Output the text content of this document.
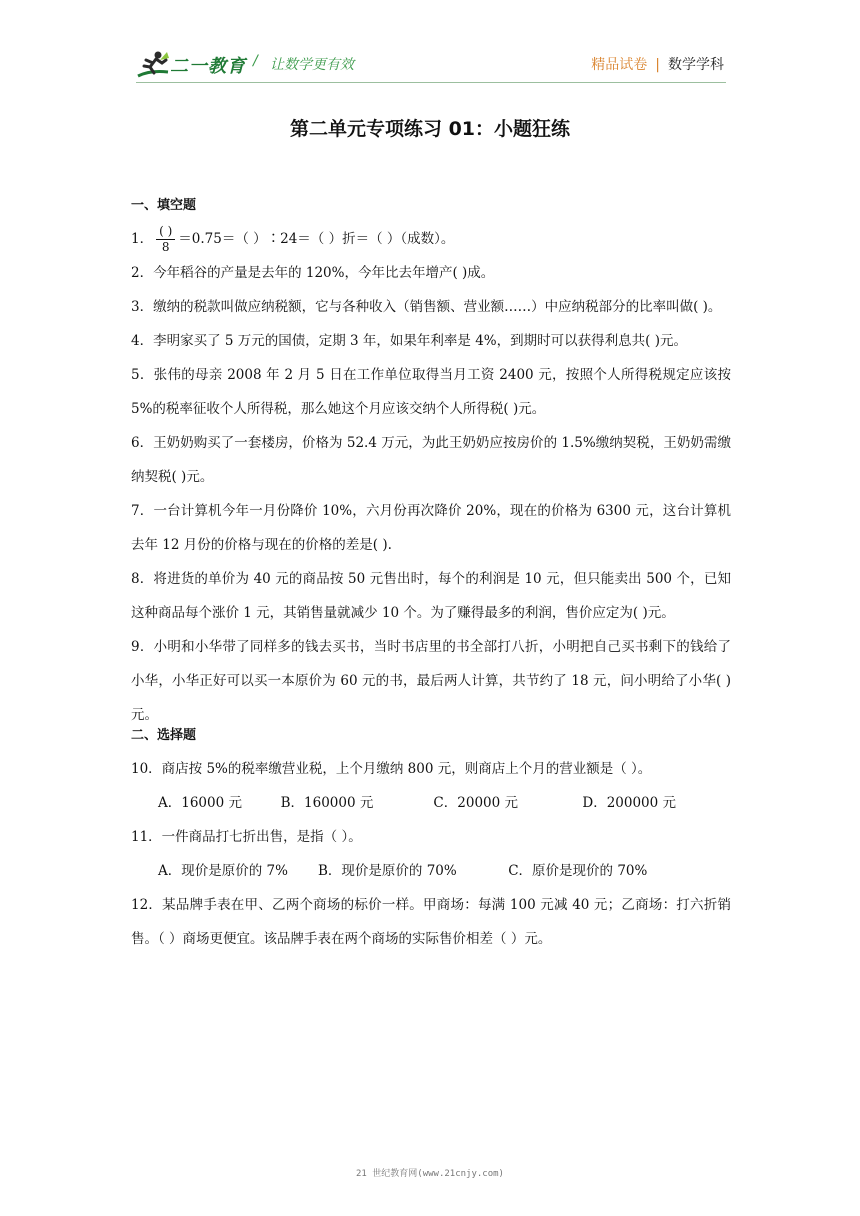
二一教育 / 让数学更有效	精品试卷 | 数学学科
第二单元专项练习 01：小题狂练
一、填空题
1． $\frac{( )}{8} =0.75=$（ ）∶24＝（ ）折＝（ ）（成数）。
2．今年稻谷的产量是去年的 120%，今年比去年增产( )成。
3．缴纳的税款叫做应纳税额，它与各种收入（销售额、营业额……）中应纳税部分的比率叫做( )。
4．李明家买了 5 万元的国债，定期 3 年，如果年利率是 4%，到期时可以获得利息共( )元。
5．张伟的母亲 2008 年 2 月 5 日在工作单位取得当月工资 2400 元，按照个人所得税规定应该按 5%的税率征收个人所得税，那么她这个月应该交纳个人所得税( )元。
6．王奶奶购买了一套楼房，价格为 52.4 万元，为此王奶奶应按房价的 1.5%缴纳契税，王奶奶需缴纳契税( )元。
7．一台计算机今年一月份降价 10%，六月份再次降价 20%，现在的价格为 6300 元，这台计算机去年 12 月份的价格与现在的价格的差是( ).
8．将进货的单价为 40 元的商品按 50 元售出时，每个的利润是 10 元，但只能卖出 500 个，已知这种商品每个涨价 1 元，其销售量就减少 10 个。为了赚得最多的利润，售价应定为( )元。
9．小明和小华带了同样多的钱去买书，当时书店里的书全部打八折，小明把自己买书剩下的钱给了小华，小华正好可以买一本原价为 60 元的书，最后两人计算，共节约了 18 元，问小明给了小华( )元。
二、选择题
10．商店按 5%的税率缴营业税，上个月缴纳 800 元，则商店上个月的营业额是（ ）。
A．16000 元         B．160000 元              C．20000 元               D．200000 元
11．一件商品打七折出售，是指（ ）。
A．现价是原价的 7%       B．现价是原价的 70%            C．原价是现价的 70%
12．某品牌手表在甲、乙两个商场的标价一样。甲商场：每满 100 元减 40 元；乙商场：打六折销售。（ ）商场更便宜。该品牌手表在两个商场的实际售价相差（ ）元。
21 世纪教育网(www.21cnjy.com)
